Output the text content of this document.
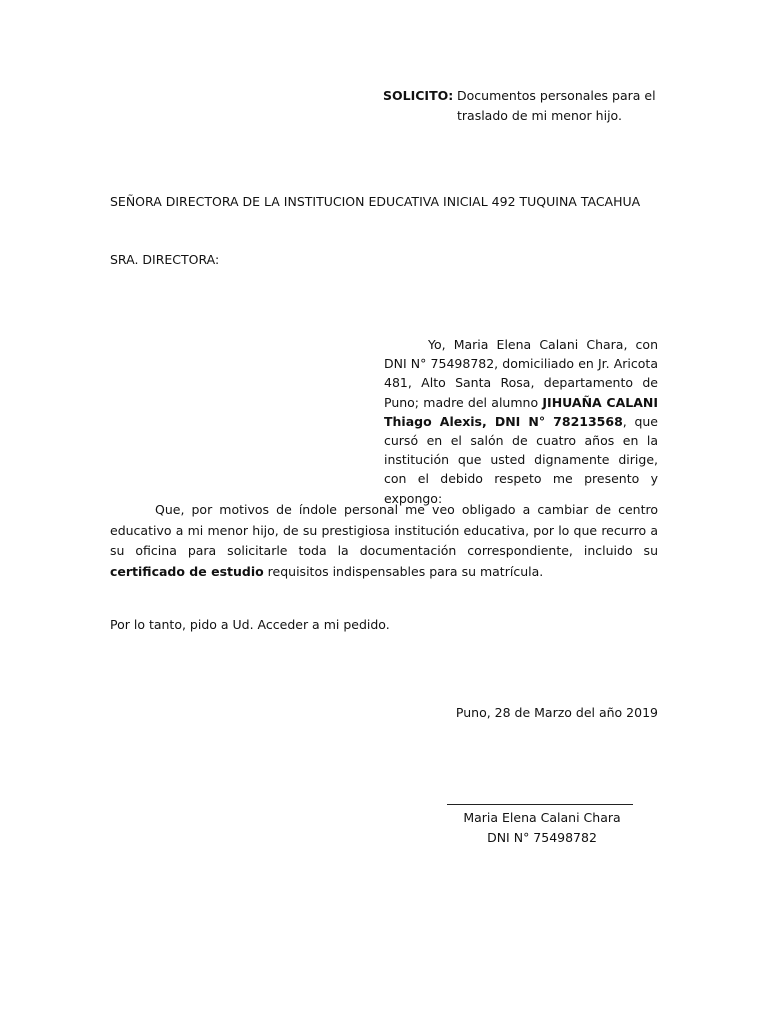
SOLICITO: Documentos personales para el traslado de mi menor hijo.
SEÑORA DIRECTORA DE LA INSTITUCION EDUCATIVA INICIAL 492 TUQUINA TACAHUA
SRA. DIRECTORA:
Yo, Maria Elena Calani Chara, con DNI N° 75498782, domiciliado en Jr. Aricota 481, Alto Santa Rosa, departamento de Puno; madre del alumno JIHUAÑA CALANI Thiago Alexis, DNI N° 78213568, que cursó en el salón de cuatro años en la institución que usted dignamente dirige, con el debido respeto me presento y expongo:
Que, por motivos de índole personal me veo obligado a cambiar de centro educativo a mi menor hijo, de su prestigiosa institución educativa, por lo que recurro a su oficina para solicitarle toda la documentación correspondiente, incluido su certificado de estudio requisitos indispensables para su matrícula.
Por lo tanto, pido a Ud. Acceder a mi pedido.
Puno, 28 de Marzo del año 2019
Maria Elena Calani Chara
DNI N° 75498782
